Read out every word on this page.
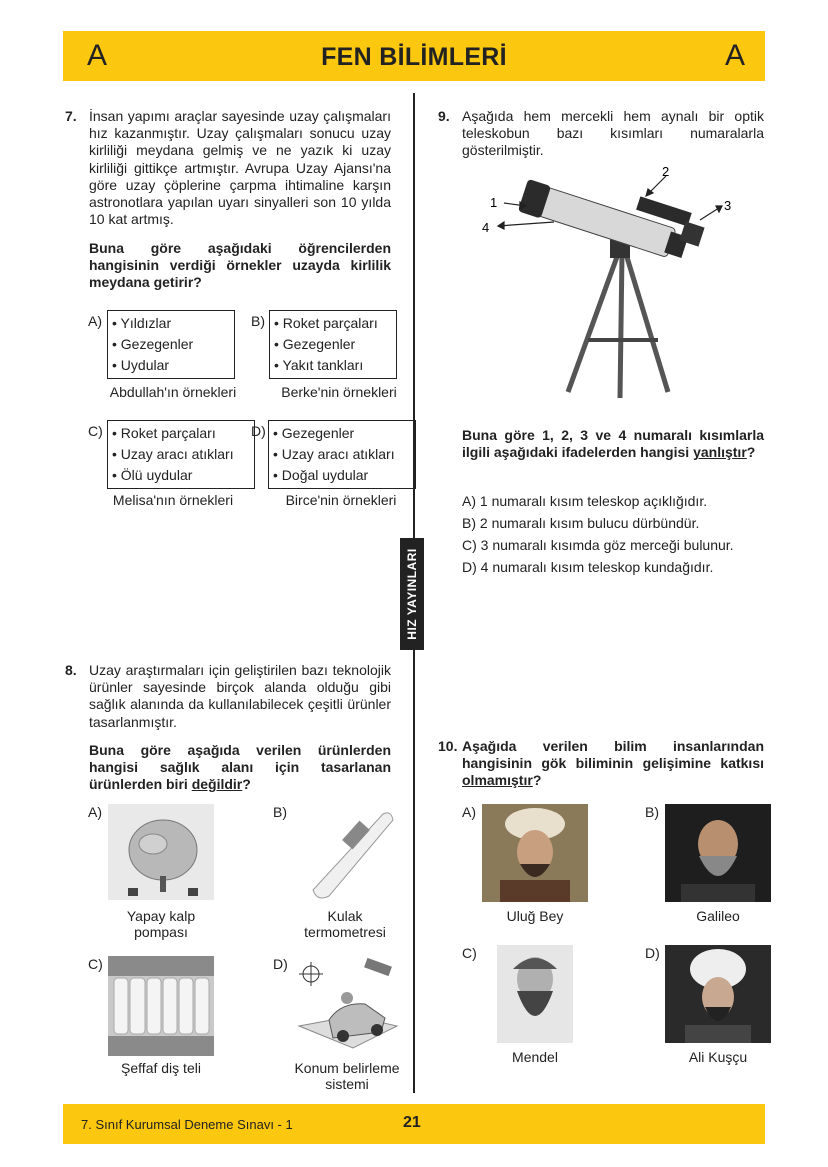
A	FEN BİLİMLERİ	A
HIZ YAYINLARI
7. İnsan yapımı araçlar sayesinde uzay çalışmaları hız kazanmıştır. Uzay çalışmaları sonucu uzay kirliliği meydana gelmiş ve ne yazık ki uzay kirliliği gittikçe artmıştır. Avrupa Uzay Ajansı'na göre uzay çöplerine çarpma ihtimaline karşın astronotlara yapılan uyarı sinyalleri son 10 yılda 10 kat artmış.
Buna göre aşağıdaki öğrencilerden hangisinin verdiği örnekler uzayda kirlilik meydana getirir?
A)	• Yıldızlar
• Gezegenler
• Uydular
Abdullah'ın örnekleri
B)	• Roket parçaları
• Gezegenler
• Yakıt tankları
Berke'nin örnekleri
C)	• Roket parçaları
• Uzay aracı atıkları
• Ölü uydular
Melisa'nın örnekleri
D)	• Gezegenler
• Uzay aracı atıkları
• Doğal uydular
Birce'nin örnekleri
8. Uzay araştırmaları için geliştirilen bazı teknolojik ürünler sayesinde birçok alanda olduğu gibi sağlık alanında da kullanılabilecek çeşitli ürünler tasarlanmıştır.
Buna göre aşağıda verilen ürünlerden hangisi sağlık alanı için tasarlanan ürünlerden biri değildir?
A)
Yapay kalp pompası
B)
Kulak termometresi
C)
Şeffaf diş teli
D)
Konum belirleme sistemi
9. Aşağıda hem mercekli hem aynalı bir optik teleskobun bazı kısımları numaralarla gösterilmiştir.
1
2
3
4
Buna göre 1, 2, 3 ve 4 numaralı kısımlarla ilgili aşağıdaki ifadelerden hangisi yanlıştır?
A) 1 numaralı kısım teleskop açıklığıdır.
B) 2 numaralı kısım bulucu dürbündür.
C) 3 numaralı kısımda göz merceği bulunur.
D) 4 numaralı kısım teleskop kundağıdır.
10. Aşağıda verilen bilim insanlarından hangisinin gök biliminin gelişimine katkısı olmamıştır?
A)
Uluğ Bey
B)
Galileo
C)
Mendel
D)
Ali Kuşçu
7. Sınıf Kurumsal Deneme Sınavı - 1	21
